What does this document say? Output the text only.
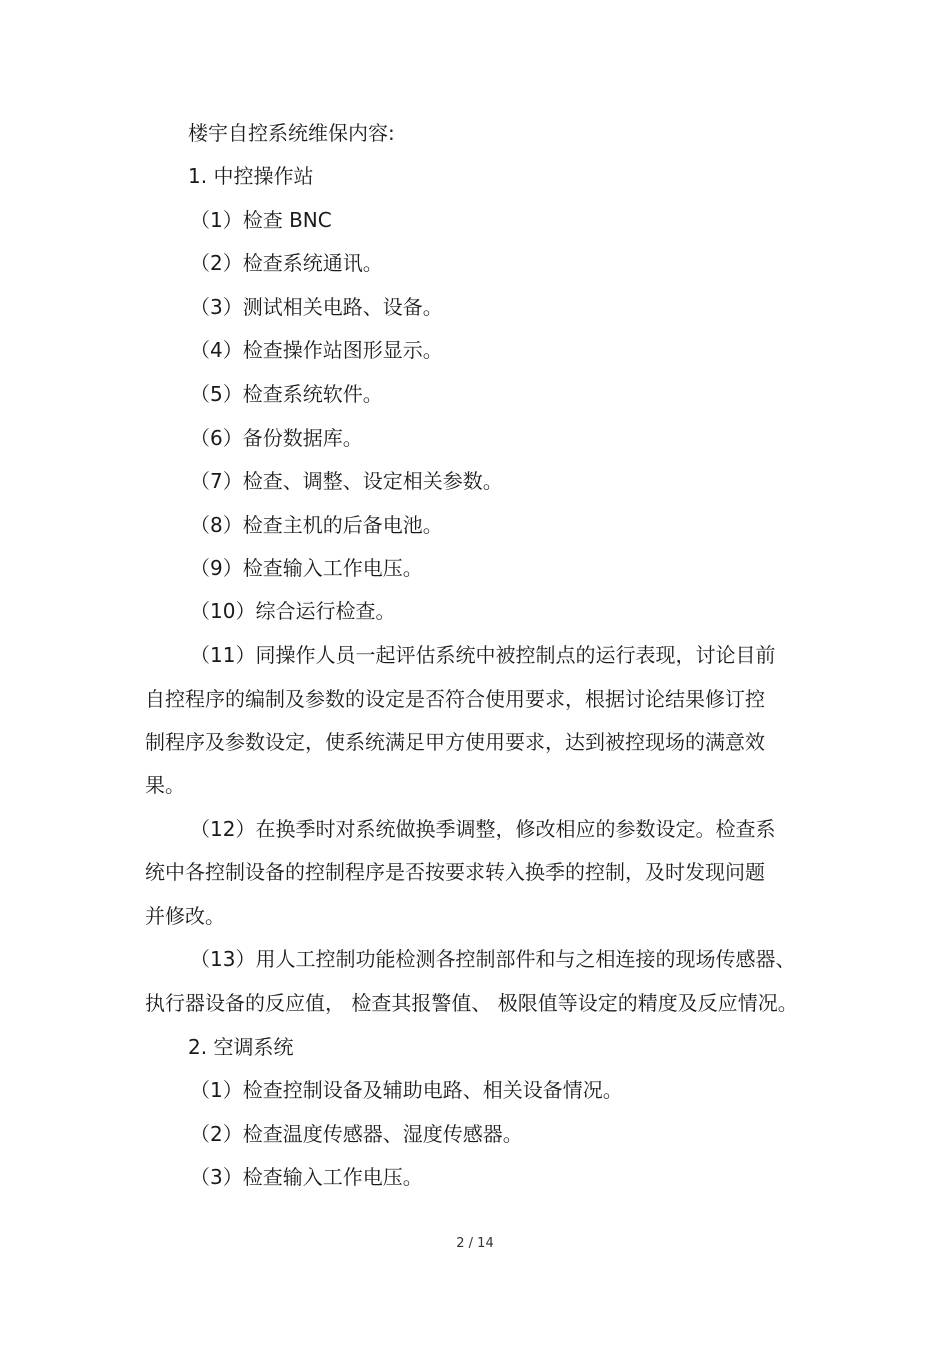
楼宇自控系统维保内容:

1. 中控操作站

（1）检查 BNC

（2）检查系统通讯。

（3）测试相关电路、设备。

（4）检查操作站图形显示。

（5）检查系统软件。

（6）备份数据库。

（7）检查、调整、设定相关参数。

（8）检查主机的后备电池。

（9）检查输入工作电压。

（10）综合运行检查。

（11）同操作人员一起评估系统中被控制点的运行表现，讨论目前

自控程序的编制及参数的设定是否符合使用要求，根据讨论结果修订控

制程序及参数设定，使系统满足甲方使用要求，达到被控现场的满意效

果。

（12）在换季时对系统做换季调整，修改相应的参数设定。检查系

统中各控制设备的控制程序是否按要求转入换季的控制，及时发现问题

并修改。

（13）用人工控制功能检测各控制部件和与之相连接的现场传感器、

执行器设备的反应值， 检查其报警值、 极限值等设定的精度及反应情况。

2. 空调系统

（1）检查控制设备及辅助电路、相关设备情况。

（2）检查温度传感器、湿度传感器。

（3）检查输入工作电压。

2 / 14
